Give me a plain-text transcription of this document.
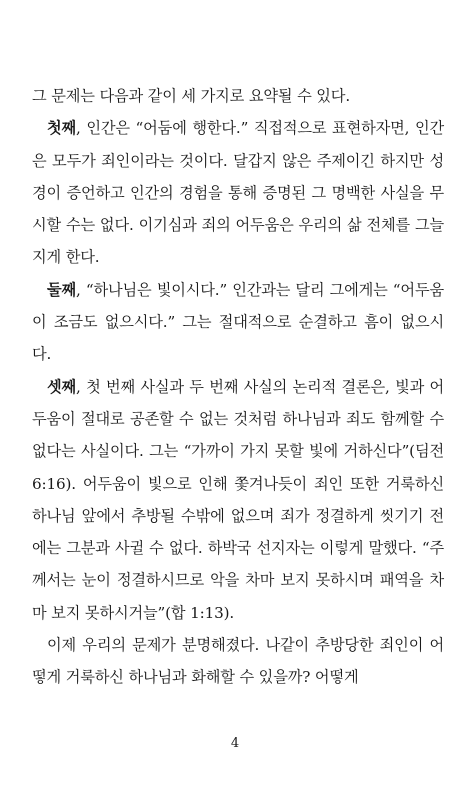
그 문제는 다음과 같이 세 가지로 요약될 수 있다.

첫째, 인간은 “어둠에 행한다.” 직접적으로 표현하자면, 인간은 모두가 죄인이라는 것이다. 달갑지 않은 주제이긴 하지만 성경이 증언하고 인간의 경험을 통해 증명된 그 명백한 사실을 무시할 수는 없다. 이기심과 죄의 어두움은 우리의 삶 전체를 그늘지게 한다.

둘째, “하나님은 빛이시다.” 인간과는 달리 그에게는 “어두움이 조금도 없으시다.” 그는 절대적으로 순결하고 흠이 없으시다.

셋째, 첫 번째 사실과 두 번째 사실의 논리적 결론은, 빛과 어두움이 절대로 공존할 수 없는 것처럼 하나님과 죄도 함께할 수 없다는 사실이다. 그는 “가까이 가지 못할 빛에 거하신다”(딤전 6:16). 어두움이 빛으로 인해 쫓겨나듯이 죄인 또한 거룩하신 하나님 앞에서 추방될 수밖에 없으며 죄가 정결하게 씻기기 전에는 그분과 사귈 수 없다. 하박국 선지자는 이렇게 말했다. “주께서는 눈이 정결하시므로 악을 차마 보지 못하시며 패역을 차마 보지 못하시거늘”(합 1:13).

이제 우리의 문제가 분명해졌다. 나같이 추방당한 죄인이 어떻게 거룩하신 하나님과 화해할 수 있을까? 어떻게

4
